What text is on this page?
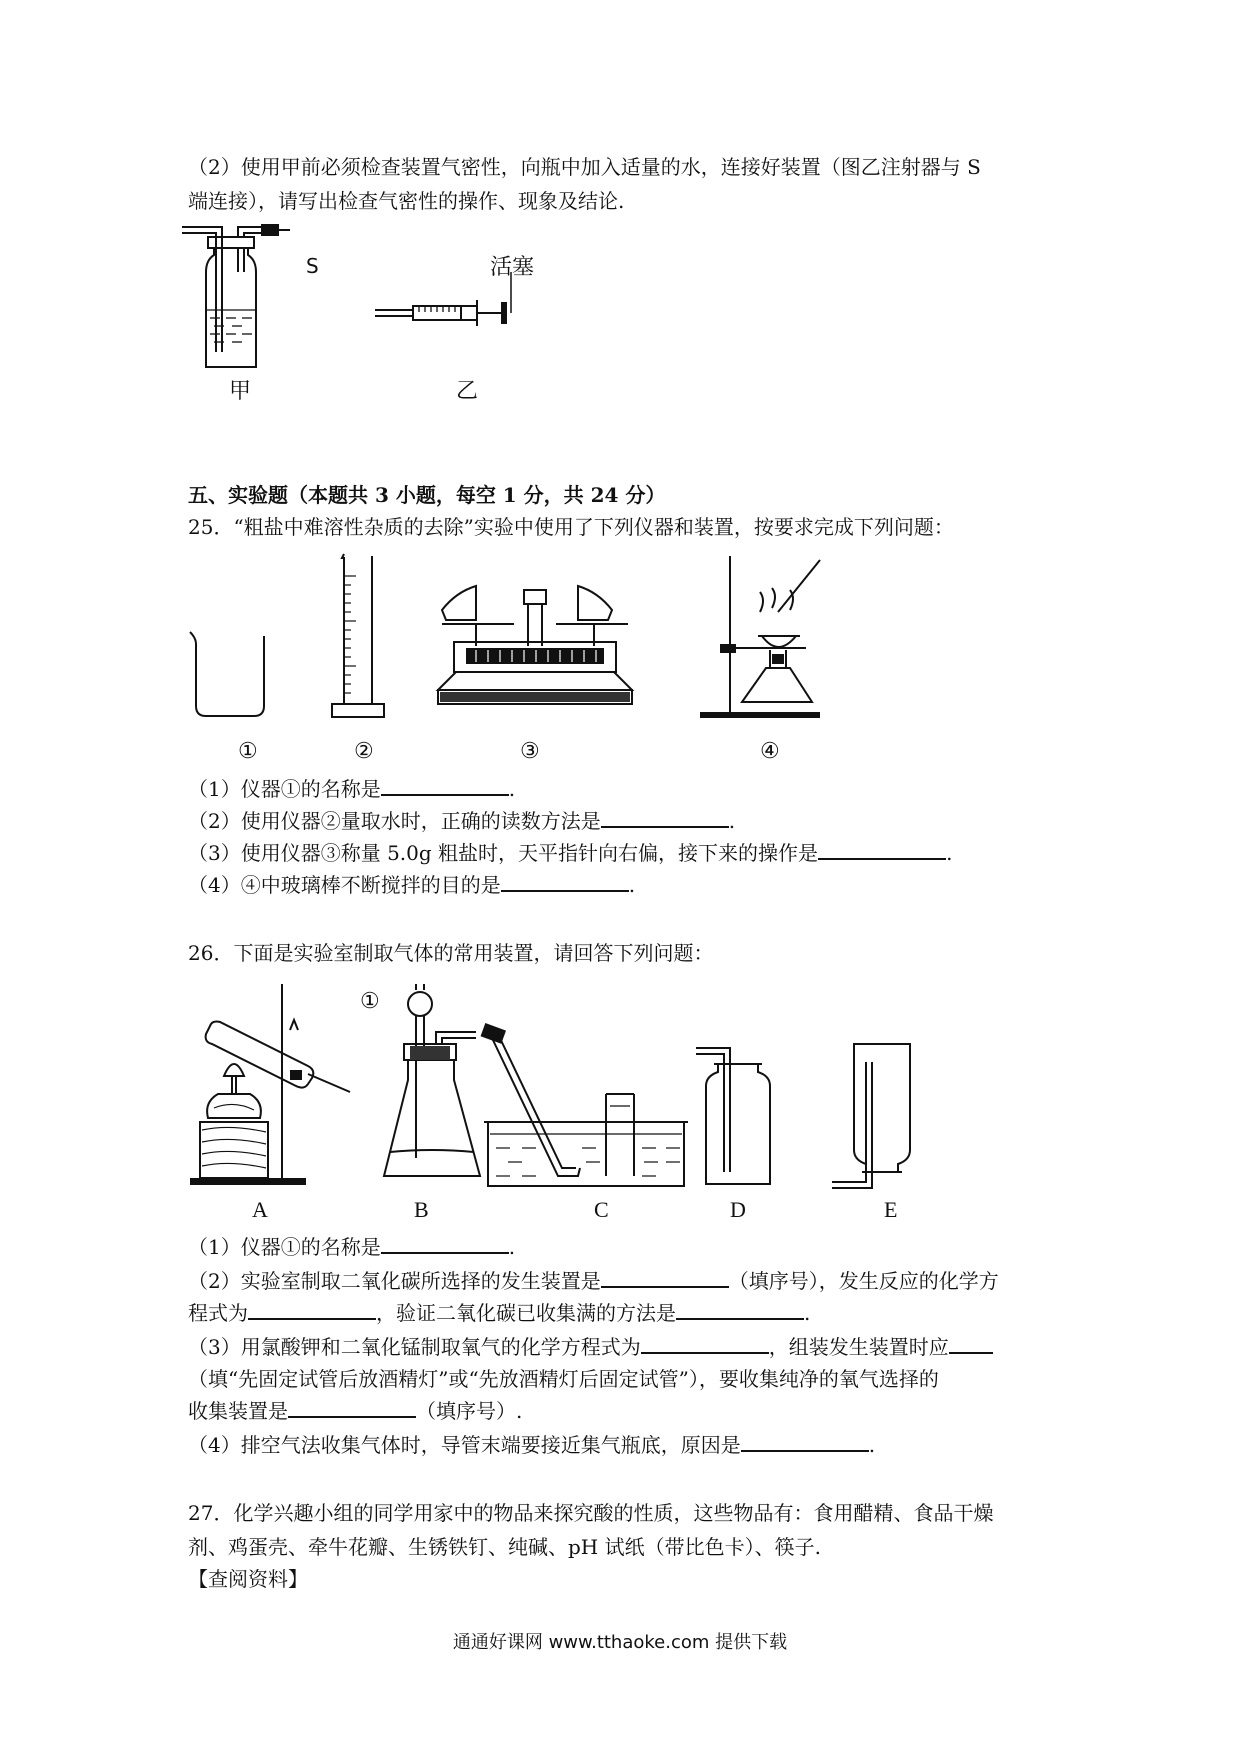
（2）使用甲前必须检查装置气密性，向瓶中加入适量的水，连接好装置（图乙注射器与 S
端连接），请写出检查气密性的操作、现象及结论.
S
甲
活塞
乙
五、实验题（本题共 3 小题，每空 1 分，共 24 分）
25．“粗盐中难溶性杂质的去除”实验中使用了下列仪器和装置，按要求完成下列问题：
①	②	③	④
（1）仪器①的名称是	.
（2）使用仪器②量取水时，正确的读数方法是	.
（3）使用仪器③称量 5.0g 粗盐时，天平指针向右偏，接下来的操作是	.
（4）④中玻璃棒不断搅拌的目的是	.
26．下面是实验室制取气体的常用装置，请回答下列问题：
A	B	C	D	E
①
（1）仪器①的名称是	.
（2）实验室制取二氧化碳所选择的发生装置是	（填序号），发生反应的化学方
程式为	，验证二氧化碳已收集满的方法是	.
（3）用氯酸钾和二氧化锰制取氧气的化学方程式为	，组装发生装置时应
（填“先固定试管后放酒精灯”或“先放酒精灯后固定试管”），要收集纯净的氧气选择的
收集装置是	（填序号）.
（4）排空气法收集气体时，导管末端要接近集气瓶底，原因是	.
27．化学兴趣小组的同学用家中的物品来探究酸的性质，这些物品有：食用醋精、食品干燥
剂、鸡蛋壳、牵牛花瓣、生锈铁钉、纯碱、pH 试纸（带比色卡）、筷子.
【查阅资料】
通通好课网 www.tthaoke.com 提供下载
